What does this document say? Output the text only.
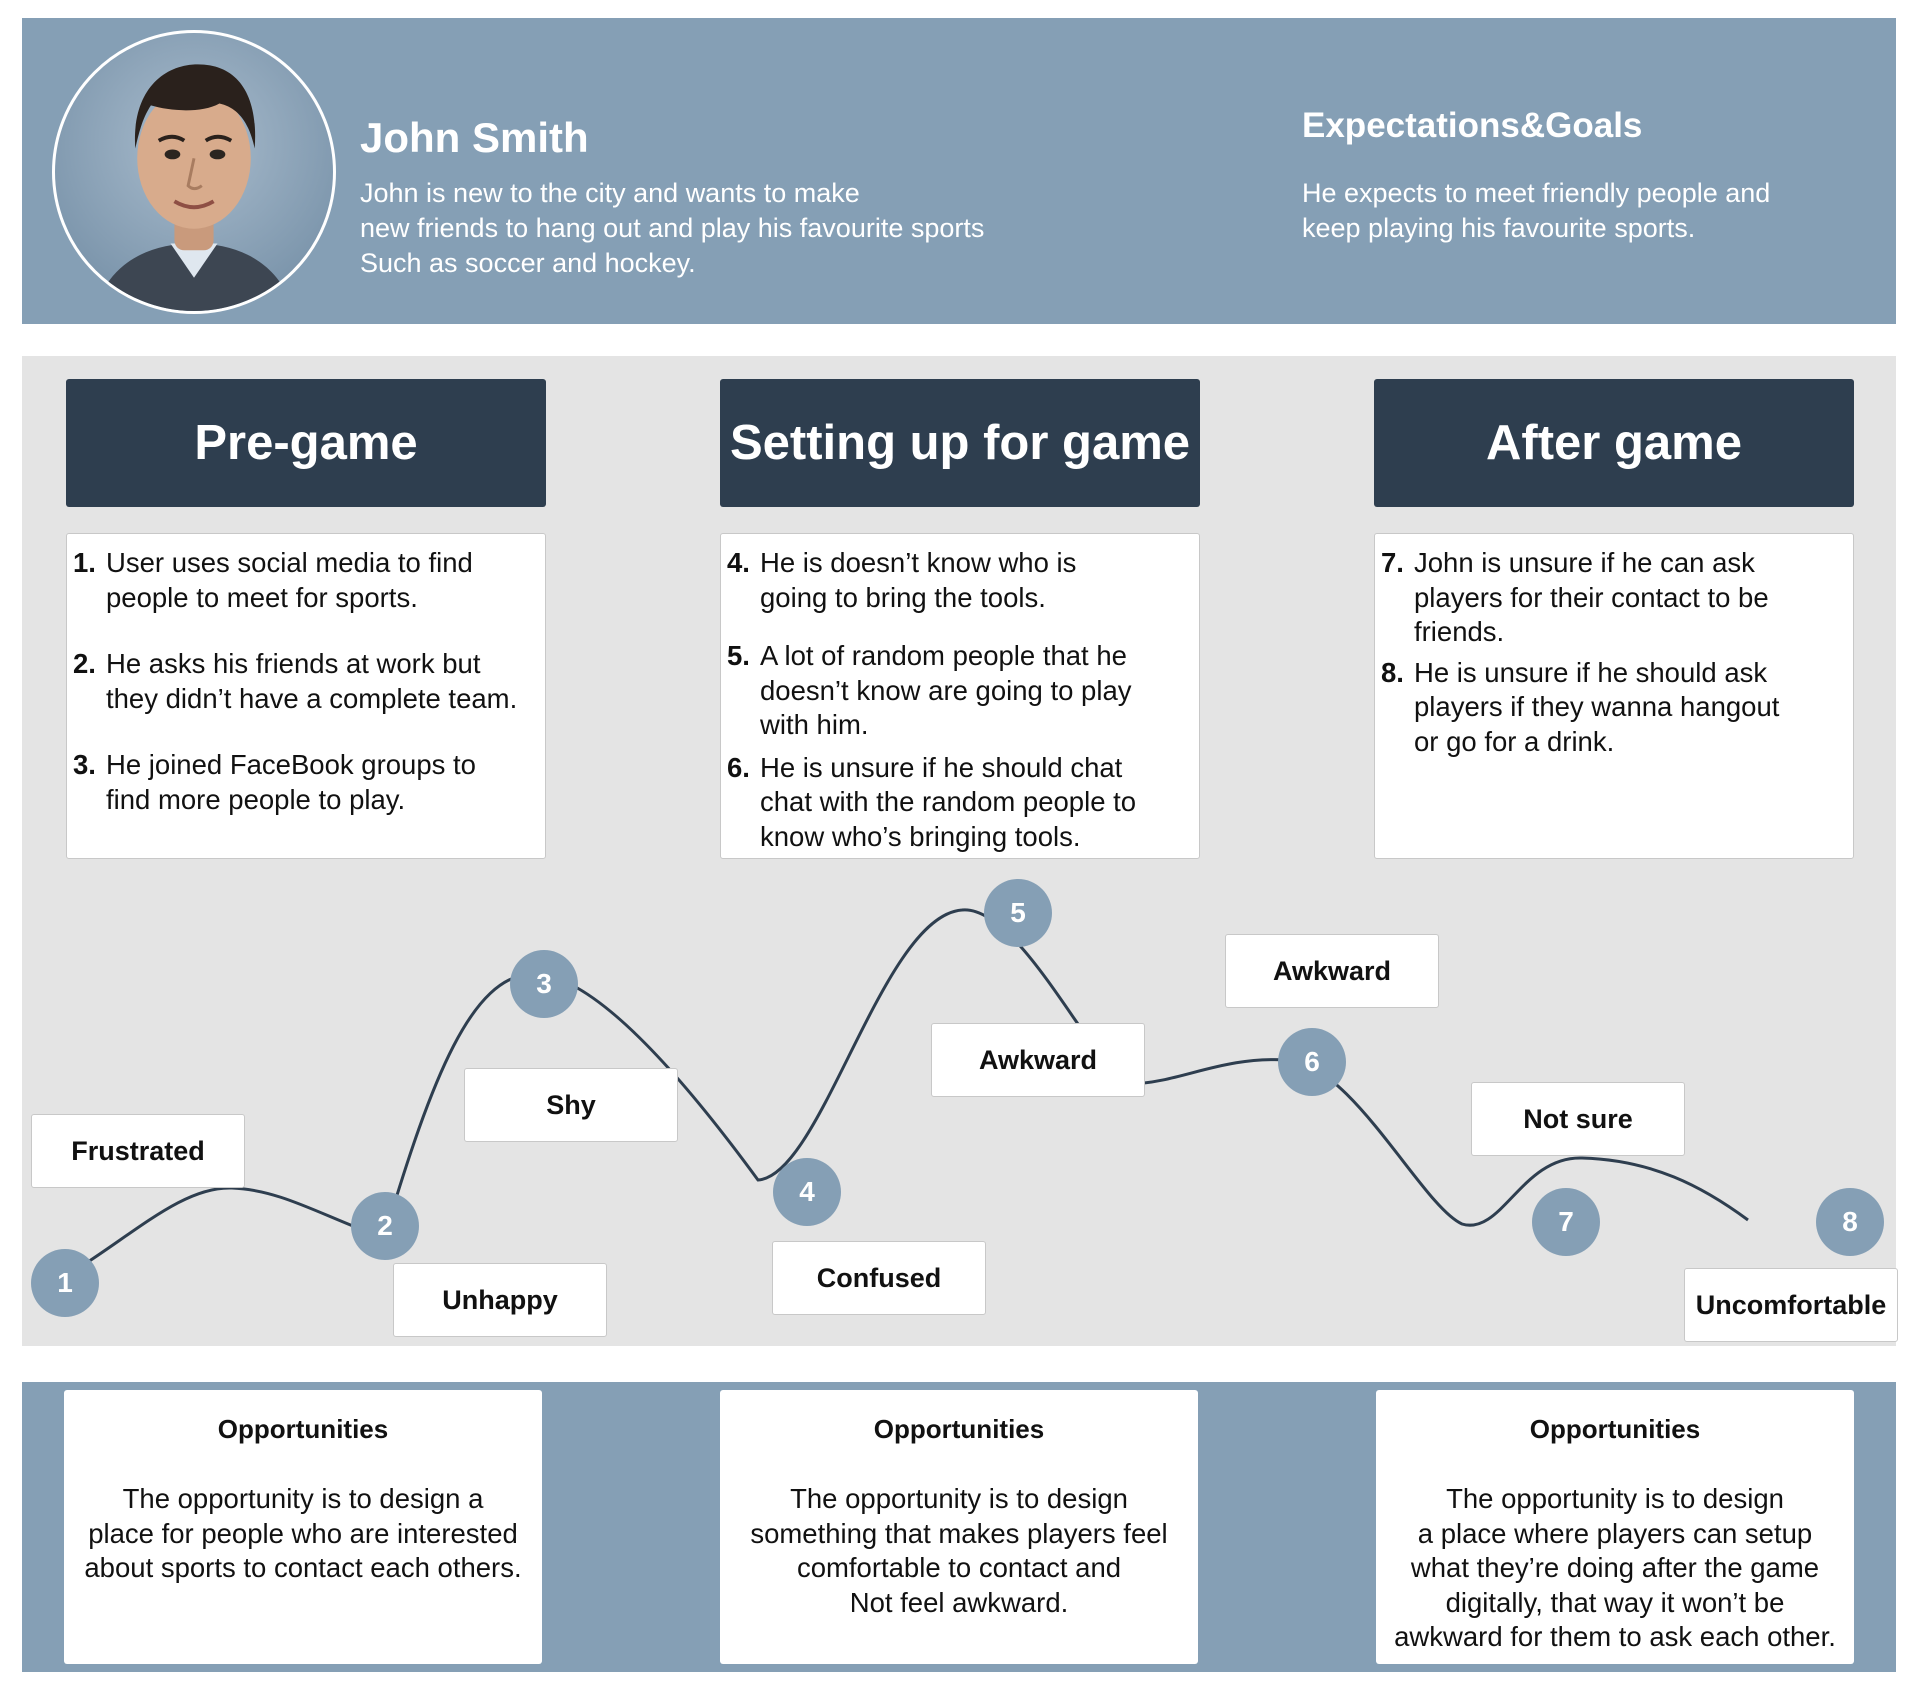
John Smith
John is new to the city and wants to make
new friends to hang out and play his favourite sports
Such as soccer and hockey.
Expectations&Goals
He expects to meet friendly people and
keep playing his favourite sports.
Pre-game	Setting up for game	After game
1. User uses social media to find
people to meet for sports.
2. He asks his friends at work but
they didn’t have a complete team.
3. He joined FaceBook groups to
find more people to play.
4. He is doesn’t know who is
going to bring the tools.
5. A lot of random people that he
doesn’t know are going to play
with him.
6. He is unsure if he should chat
chat with the random people to
know who’s bringing tools.
7. John is unsure if he can ask
players for their contact to be
friends.
8. He is unsure if he should ask
players if they wanna hangout
or go for a drink.
Frustrated
Unhappy
Shy
Confused
Awkward
Awkward
Not sure
Uncomfortable
1
2
3
4
5
6
7	8
Opportunities
The opportunity is to design a
place for people who are interested
about sports to contact each others.
Opportunities
The opportunity is to design
something that makes players feel
comfortable to contact and
Not feel awkward.
Opportunities
The opportunity is to design
a place where players can setup
what they’re doing after the game
digitally, that way it won’t be
awkward for them to ask each other.
